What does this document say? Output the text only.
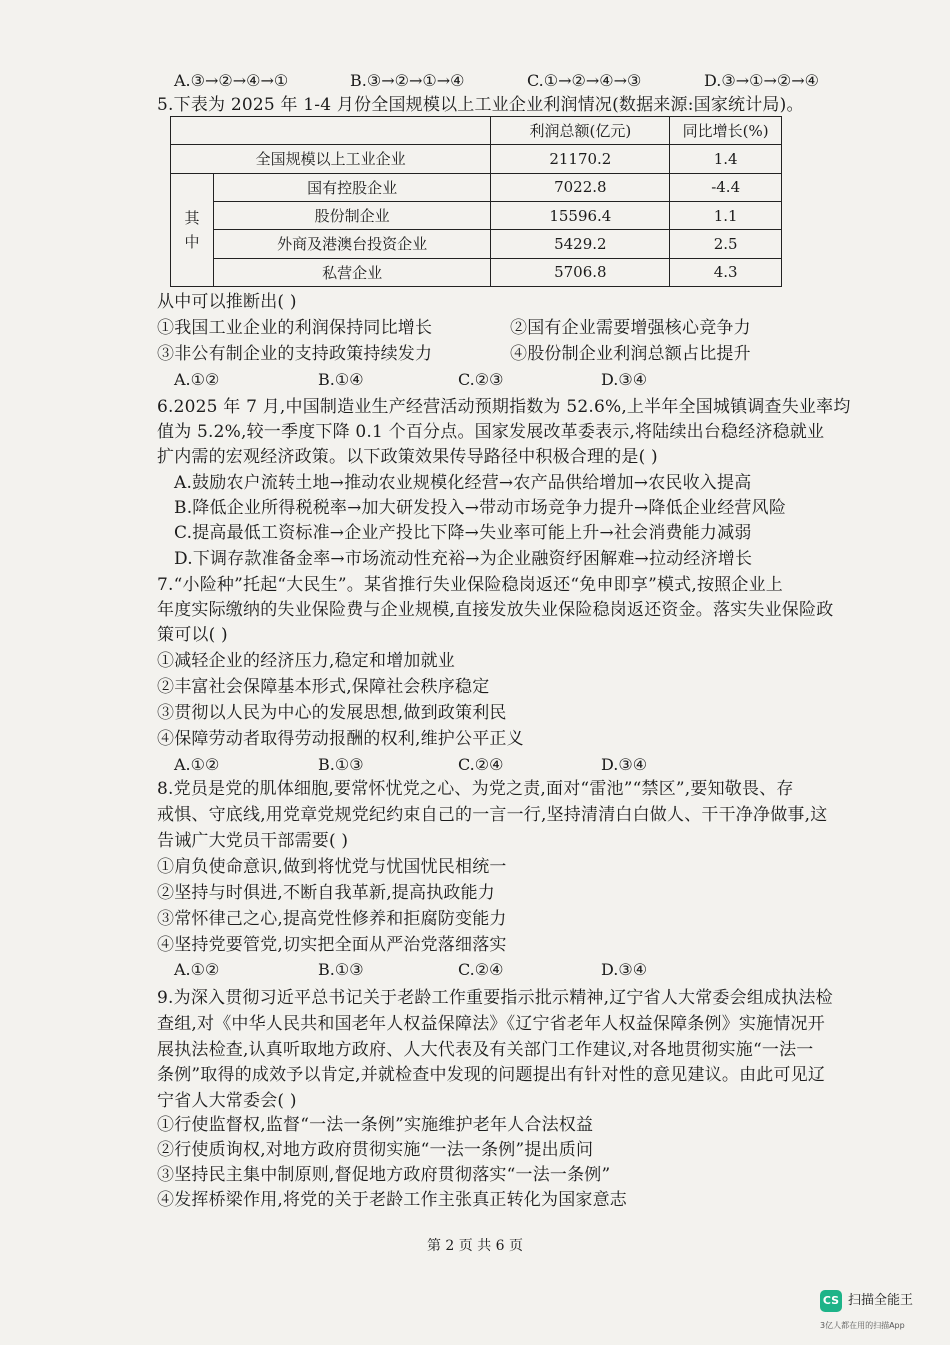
A.③→②→④→①	B.③→②→①→④	C.①→②→④→③	D.③→①→②→④
5.下表为 2025 年 1-4 月份全国规模以上工业企业利润情况(数据来源:国家统计局)。
		利润总额(亿元)	同比增长(%)
全国规模以上工业企业		21170.2	1.4
其
中	国有控股企业	7022.8	-4.4
	股份制企业	15596.4	1.1
	外商及港澳台投资企业	5429.2	2.5
	私营企业	5706.8	4.3
从中可以推断出( )
①我国工业企业的利润保持同比增长	②国有企业需要增强核心竞争力
③非公有制企业的支持政策持续发力	④股份制企业利润总额占比提升
A.①②	B.①④	C.②③	D.③④
6.2025 年 7 月,中国制造业生产经营活动预期指数为 52.6%,上半年全国城镇调查失业率均
值为 5.2%,较一季度下降 0.1 个百分点。国家发展改革委表示,将陆续出台稳经济稳就业
扩内需的宏观经济政策。以下政策效果传导路径中积极合理的是( )
A.鼓励农户流转土地→推动农业规模化经营→农产品供给增加→农民收入提高
B.降低企业所得税税率→加大研发投入→带动市场竞争力提升→降低企业经营风险
C.提高最低工资标准→企业产投比下降→失业率可能上升→社会消费能力减弱
D.下调存款准备金率→市场流动性充裕→为企业融资纾困解难→拉动经济增长
7.“小险种”托起“大民生”。某省推行失业保险稳岗返还“免申即享”模式,按照企业上
年度实际缴纳的失业保险费与企业规模,直接发放失业保险稳岗返还资金。落实失业保险政
策可以( )
①减轻企业的经济压力,稳定和增加就业
②丰富社会保障基本形式,保障社会秩序稳定
③贯彻以人民为中心的发展思想,做到政策利民
④保障劳动者取得劳动报酬的权利,维护公平正义
A.①②	B.①③	C.②④	D.③④
8.党员是党的肌体细胞,要常怀忧党之心、为党之责,面对“雷池”“禁区”,要知敬畏、存
戒惧、守底线,用党章党规党纪约束自己的一言一行,坚持清清白白做人、干干净净做事,这
告诫广大党员干部需要( )
①肩负使命意识,做到将忧党与忧国忧民相统一
②坚持与时俱进,不断自我革新,提高执政能力
③常怀律己之心,提高党性修养和拒腐防变能力
④坚持党要管党,切实把全面从严治党落细落实
A.①②	B.①③	C.②④	D.③④
9.为深入贯彻习近平总书记关于老龄工作重要指示批示精神,辽宁省人大常委会组成执法检
查组,对《中华人民共和国老年人权益保障法》《辽宁省老年人权益保障条例》实施情况开
展执法检查,认真听取地方政府、人大代表及有关部门工作建议,对各地贯彻实施“一法一
条例”取得的成效予以肯定,并就检查中发现的问题提出有针对性的意见建议。由此可见辽
宁省人大常委会( )
①行使监督权,监督“一法一条例”实施维护老年人合法权益
②行使质询权,对地方政府贯彻实施“一法一条例”提出质问
③坚持民主集中制原则,督促地方政府贯彻落实“一法一条例”
④发挥桥梁作用,将党的关于老龄工作主张真正转化为国家意志
第 2 页 共 6 页
CS 扫描全能王
3亿人都在用的扫描App
